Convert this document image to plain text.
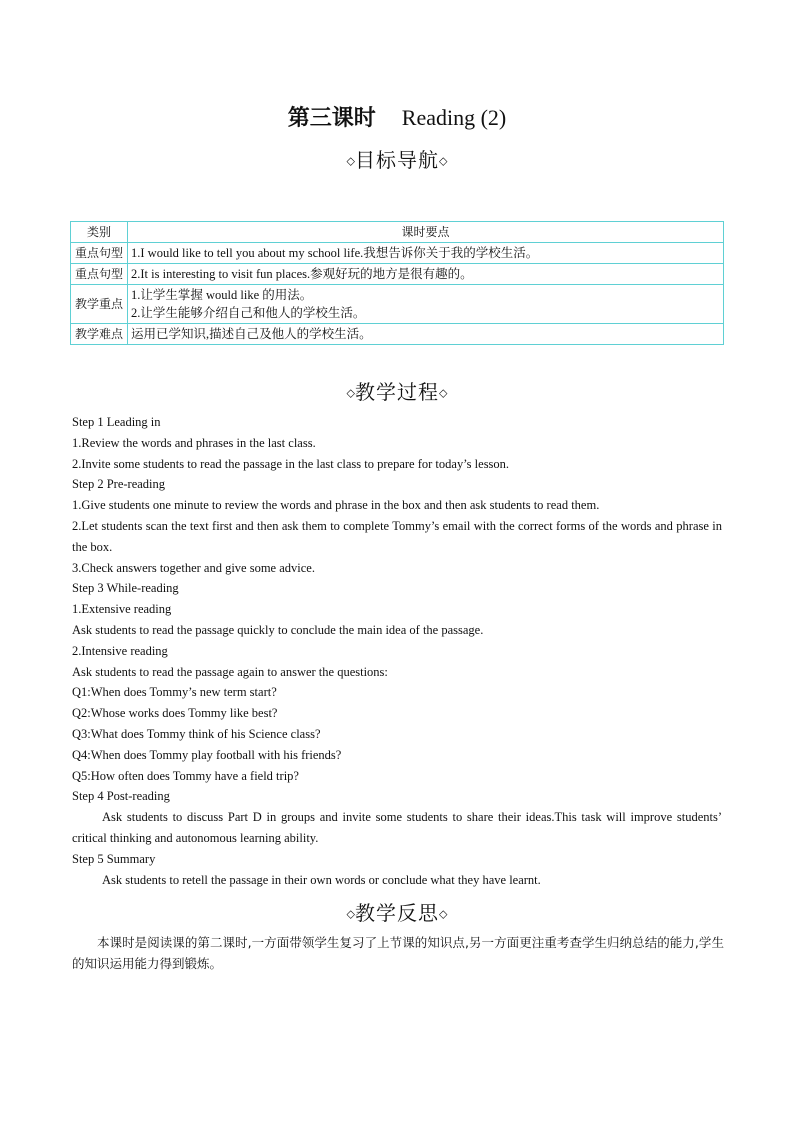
第三课时 Reading (2)
◇目标导航◇
类别	课时要点
重点句型	1.I would like to tell you about my school life.我想告诉你关于我的学校生活。
重点句型	2.It is interesting to visit fun places.参观好玩的地方是很有趣的。
教学重点	1.让学生掌握 would like 的用法。
2.让学生能够介绍自己和他人的学校生活。

教学难点	运用已学知识,描述自己及他人的学校生活。
◇教学过程◇

Step 1 Leading in

1.Review the words and phrases in the last class.

2.Invite some students to read the passage in the last class to prepare for today’s lesson.

Step 2 Pre-reading

1.Give students one minute to review the words and phrase in the box and then ask students to read them.

2.Let students scan the text first and then ask them to complete Tommy’s email with the correct forms of the words and phrase in the box.

3.Check answers together and give some advice.

Step 3 While-reading

1.Extensive reading

Ask students to read the passage quickly to conclude the main idea of the passage.

2.Intensive reading

Ask students to read the passage again to answer the questions:

Q1:When does Tommy’s new term start?

Q2:Whose works does Tommy like best?

Q3:What does Tommy think of his Science class?

Q4:When does Tommy play football with his friends?

Q5:How often does Tommy have a field trip?

Step 4 Post-reading

Ask students to discuss Part D in groups and invite some students to share their ideas.This task will improve students’ critical thinking and autonomous learning ability.

Step 5 Summary

Ask students to retell the passage in their own words or conclude what they have learnt.

◇教学反思◇

本课时是阅读课的第二课时,一方面带领学生复习了上节课的知识点,另一方面更注重考查学生归纳总结的能力,学生的知识运用能力得到锻炼。
